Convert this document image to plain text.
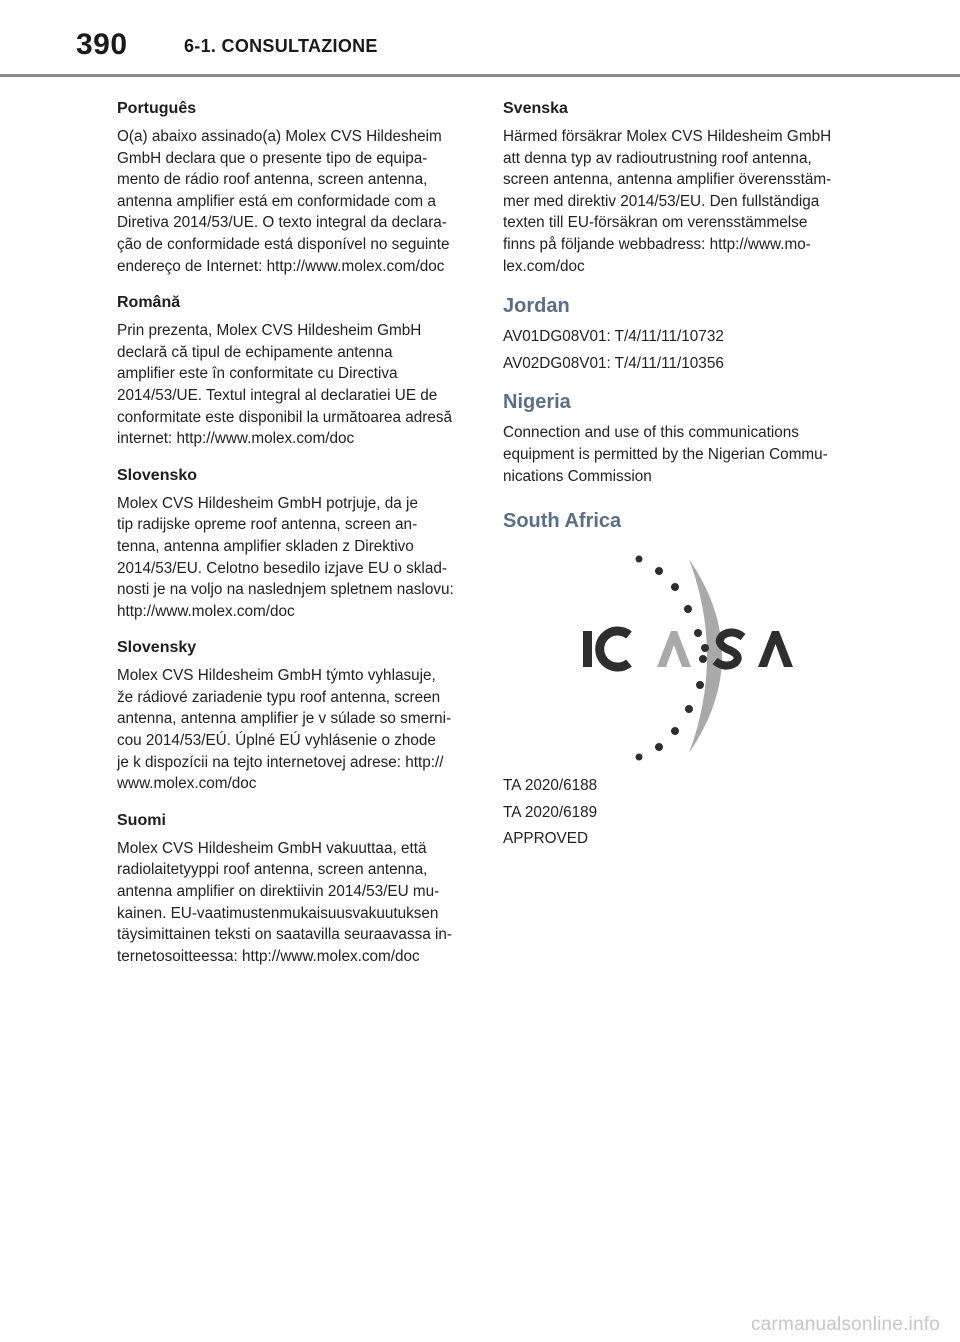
390	6-1. CONSULTAZIONE
Português
O(a) abaixo assinado(a) Molex CVS Hildesheim
GmbH declara que o presente tipo de equipa-
mento de rádio roof antenna, screen antenna,
antenna amplifier está em conformidade com a
Diretiva 2014/53/UE. O texto integral da declara-
ção de conformidade está disponível no seguinte
endereço de Internet: http://www.molex.com/doc
Română
Prin prezenta, Molex CVS Hildesheim GmbH
declară că tipul de echipamente antenna
amplifier este în conformitate cu Directiva
2014/53/UE. Textul integral al declaratiei UE de
conformitate este disponibil la următoarea adresă
internet: http://www.molex.com/doc
Slovensko
Molex CVS Hildesheim GmbH potrjuje, da je
tip radijske opreme roof antenna, screen an-
tenna, antenna amplifier skladen z Direktivo
2014/53/EU. Celotno besedilo izjave EU o sklad-
nosti je na voljo na naslednjem spletnem naslovu:
http://www.molex.com/doc
Slovensky
Molex CVS Hildesheim GmbH týmto vyhlasuje,
že rádiové zariadenie typu roof antenna, screen
antenna, antenna amplifier je v súlade so smerni-
cou 2014/53/EÚ. Úplné EÚ vyhlásenie o zhode
je k dispozícii na tejto internetovej adrese: http://
www.molex.com/doc
Suomi
Molex CVS Hildesheim GmbH vakuuttaa, että
radiolaitetyyppi roof antenna, screen antenna,
antenna amplifier on direktiivin 2014/53/EU mu-
kainen. EU-vaatimustenmukaisuusvakuutuksen
täysimittainen teksti on saatavilla seuraavassa in-
ternetosoitteessa: http://www.molex.com/doc
Svenska
Härmed försäkrar Molex CVS Hildesheim GmbH
att denna typ av radioutrustning roof antenna,
screen antenna, antenna amplifier överensstäm-
mer med direktiv 2014/53/EU. Den fullständiga
texten till EU-försäkran om verensstämmelse
finns på följande webbadress: http://www.mo-
lex.com/doc
Jordan
AV01DG08V01: T/4/11/11/10732
AV02DG08V01: T/4/11/11/10356
Nigeria
Connection and use of this communications
equipment is permitted by the Nigerian Commu-
nications Commission
South Africa
TA 2020/6188
TA 2020/6189
APPROVED
carmanualsonline.info
